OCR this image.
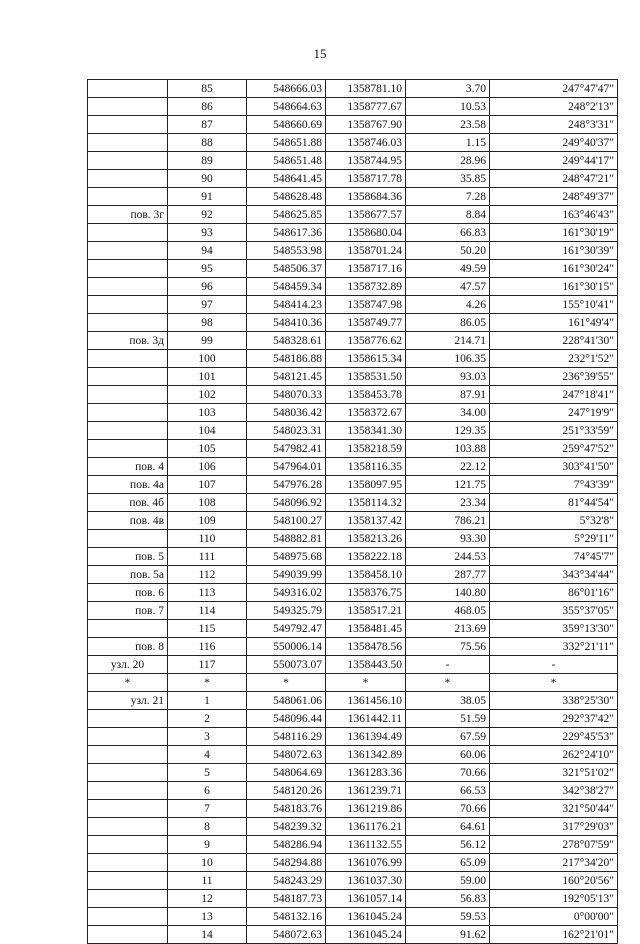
15
	85	548666.03	1358781.10	3.70	247°47'47"
	86	548664.63	1358777.67	10.53	248°2'13"
	87	548660.69	1358767.90	23.58	248°3'31"
	88	548651.88	1358746.03	1.15	249°40'37"
	89	548651.48	1358744.95	28.96	249°44'17"
	90	548641.45	1358717.78	35.85	248°47'21"
	91	548628.48	1358684.36	7.28	248°49'37"
пов. 3г	92	548625.85	1358677.57	8.84	163°46'43"
	93	548617.36	1358680.04	66.83	161°30'19"
	94	548553.98	1358701.24	50.20	161°30'39"
	95	548506.37	1358717.16	49.59	161°30'24"
	96	548459.34	1358732.89	47.57	161°30'15"
	97	548414.23	1358747.98	4.26	155°10'41"
	98	548410.36	1358749.77	86.05	161°49'4"
пов. 3д	99	548328.61	1358776.62	214.71	228°41'30"
	100	548186.88	1358615.34	106.35	232°1'52"
	101	548121.45	1358531.50	93.03	236°39'55"
	102	548070.33	1358453.78	87.91	247°18'41"
	103	548036.42	1358372.67	34.00	247°19'9"
	104	548023.31	1358341.30	129.35	251°33'59"
	105	547982.41	1358218.59	103.88	259°47'52"
пов. 4	106	547964.01	1358116.35	22.12	303°41'50"
пов. 4а	107	547976.28	1358097.95	121.75	7°43'39"
пов. 4б	108	548096.92	1358114.32	23.34	81°44'54"
пов. 4в	109	548100.27	1358137.42	786.21	5°32'8"
	110	548882.81	1358213.26	93.30	5°29'11"
пов. 5	111	548975.68	1358222.18	244.53	74°45'7"
пов. 5а	112	549039.99	1358458.10	287.77	343°34'44"
пов. 6	113	549316.02	1358376.75	140.80	86°01'16"
пов. 7	114	549325.79	1358517.21	468.05	355°37'05"
	115	549792.47	1358481.45	213.69	359°13'30"
пов. 8	116	550006.14	1358478.56	75.56	332°21'11"
узл. 20	117	550073.07	1358443.50	-	-
*	*	*	*	*	*
узл. 21	1	548061.06	1361456.10	38.05	338°25'30"
	2	548096.44	1361442.11	51.59	292°37'42"
	3	548116.29	1361394.49	67.59	229°45'53"
	4	548072.63	1361342.89	60.06	262°24'10"
	5	548064.69	1361283.36	70.66	321°51'02"
	6	548120.26	1361239.71	66.53	342°38'27"
	7	548183.76	1361219.86	70.66	321°50'44"
	8	548239.32	1361176.21	64.61	317°29'03"
	9	548286.94	1361132.55	56.12	278°07'59"
	10	548294.88	1361076.99	65.09	217°34'20"
	11	548243.29	1361037.30	59.00	160°20'56"
	12	548187.73	1361057.14	56.83	192°05'13"
	13	548132.16	1361045.24	59.53	0°00'00"
	14	548072.63	1361045.24	91.62	162°21'01"
